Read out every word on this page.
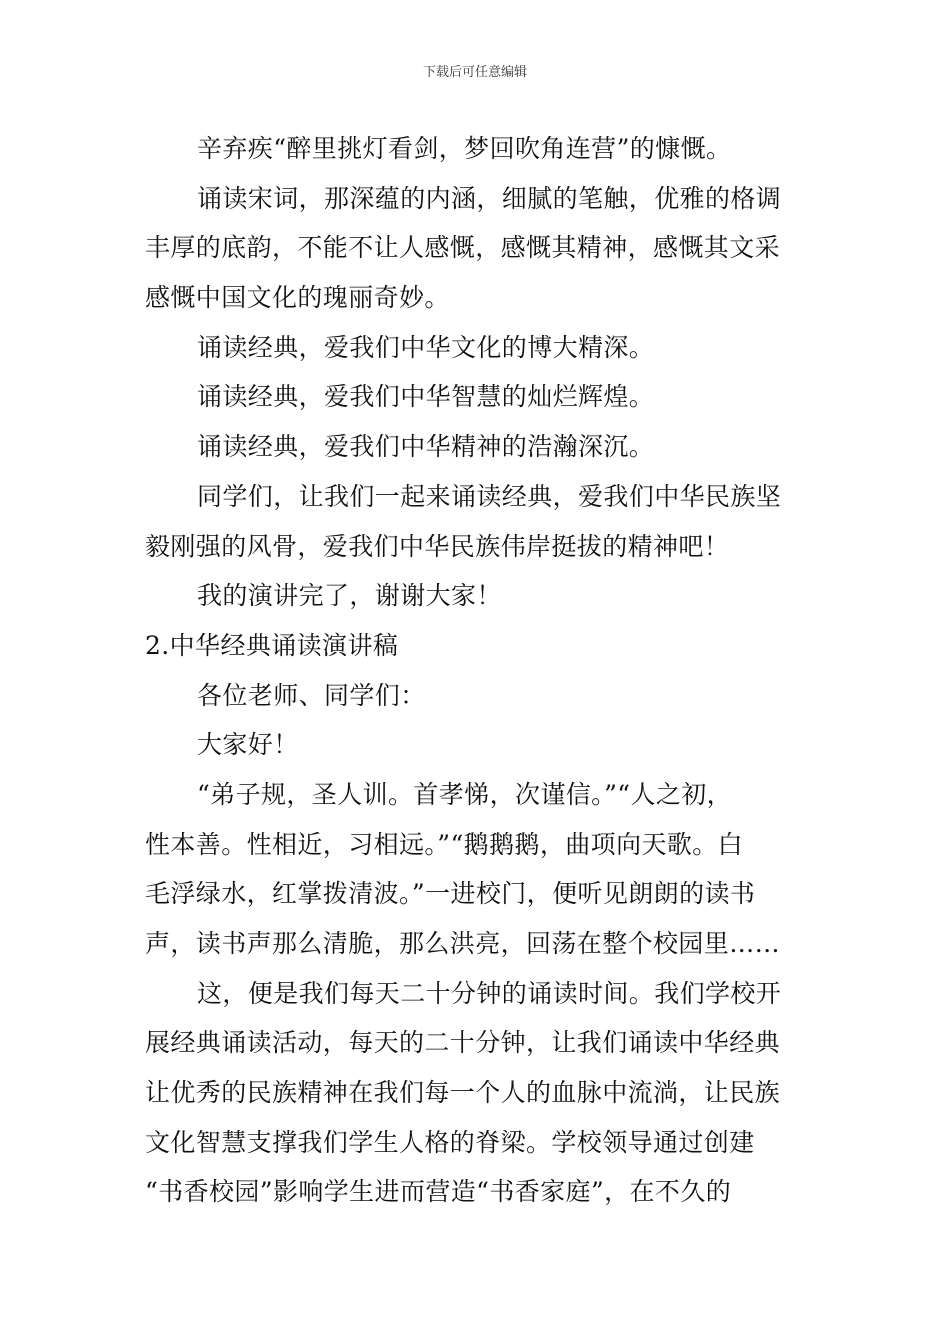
下载后可任意编辑
辛弃疾“醉里挑灯看剑，梦回吹角连营”的慷慨。
诵读宋词，那深蕴的内涵，细腻的笔触，优雅的格调
丰厚的底韵，不能不让人感慨，感慨其精神，感慨其文采
感慨中国文化的瑰丽奇妙。
诵读经典，爱我们中华文化的博大精深。
诵读经典，爱我们中华智慧的灿烂辉煌。
诵读经典，爱我们中华精神的浩瀚深沉。
同学们，让我们一起来诵读经典，爱我们中华民族坚
毅刚强的风骨，爱我们中华民族伟岸挺拔的精神吧！
我的演讲完了，谢谢大家！
2.中华经典诵读演讲稿
各位老师、同学们：
大家好！
“弟子规，圣人训。首孝悌，次谨信。”“人之初，
性本善。性相近，习相远。”“鹅鹅鹅，曲项向天歌。白
毛浮绿水，红掌拨清波。”一进校门，便听见朗朗的读书
声，读书声那么清脆，那么洪亮，回荡在整个校园里……
这，便是我们每天二十分钟的诵读时间。我们学校开
展经典诵读活动，每天的二十分钟，让我们诵读中华经典
让优秀的民族精神在我们每一个人的血脉中流淌，让民族
文化智慧支撑我们学生人格的脊梁。学校领导通过创建
“书香校园”影响学生进而营造“书香家庭”，在不久的
